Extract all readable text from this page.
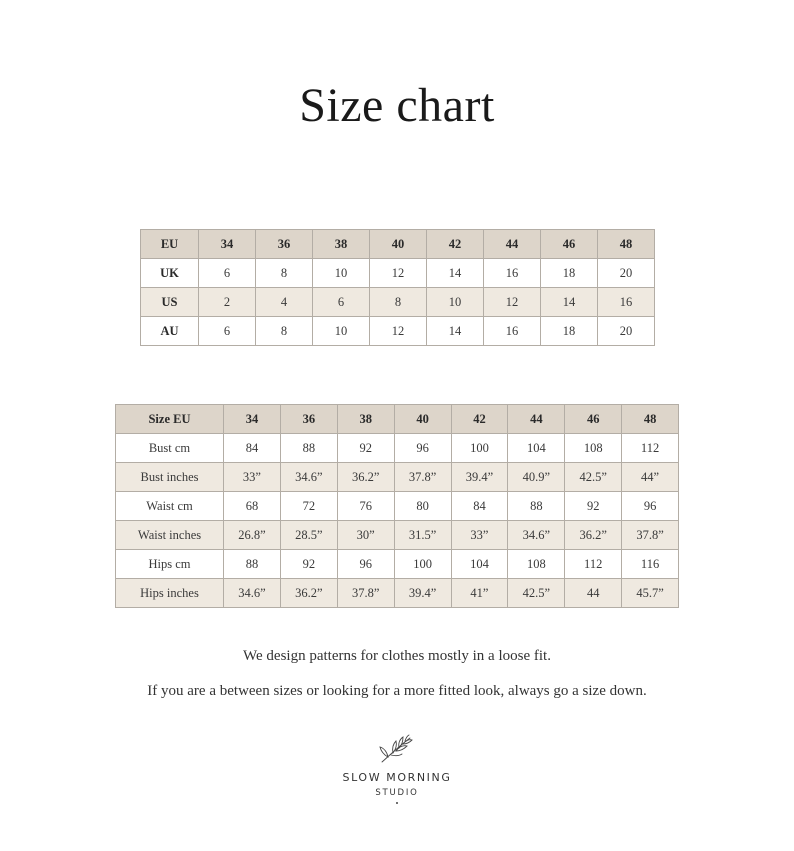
Size chart
EU	34	36	38	40	42	44	46	48
UK	6	8	10	12	14	16	18	20
US	2	4	6	8	10	12	14	16
AU	6	8	10	12	14	16	18	20
Size EU	34	36	38	40	42	44	46	48
Bust cm	84	88	92	96	100	104	108	112
Bust inches	33”	34.6”	36.2”	37.8”	39.4”	40.9”	42.5”	44”
Waist cm	68	72	76	80	84	88	92	96
Waist inches	26.8”	28.5”	30”	31.5”	33”	34.6”	36.2”	37.8”
Hips cm	88	92	96	100	104	108	112	116
Hips inches	34.6”	36.2”	37.8”	39.4”	41”	42.5”	44	45.7”
We design patterns for clothes mostly in a loose fit.
If you are a between sizes or looking for a more fitted look, always go a size down.
SLOW MORNING
STUDIO
